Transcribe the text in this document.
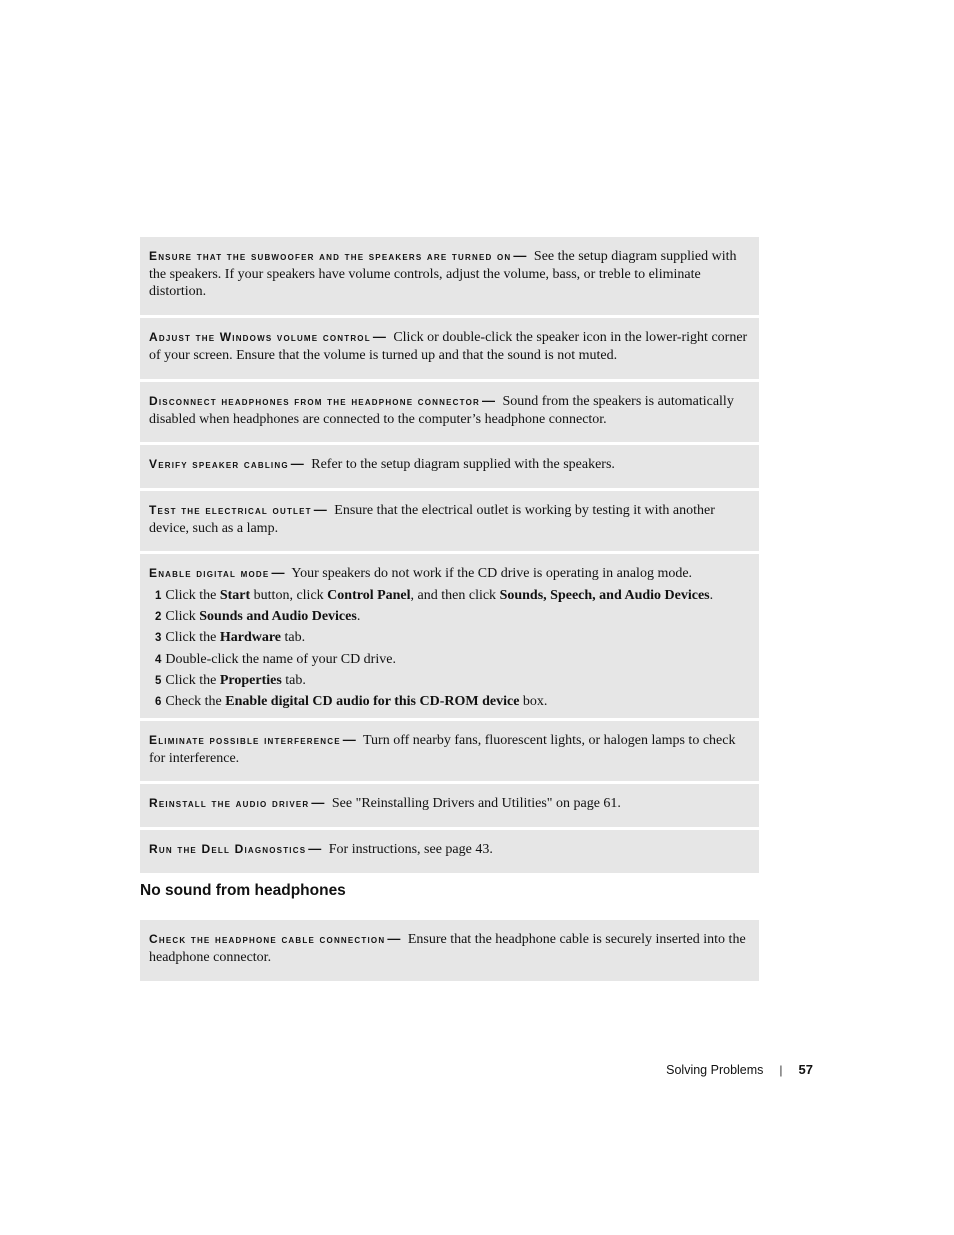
Ensure that the subwoofer and the speakers are turned on — See the setup diagram supplied with the speakers. If your speakers have volume controls, adjust the volume, bass, or treble to eliminate distortion.
Adjust the Windows volume control — Click or double-click the speaker icon in the lower-right corner of your screen. Ensure that the volume is turned up and that the sound is not muted.
Disconnect headphones from the headphone connector — Sound from the speakers is automatically disabled when headphones are connected to the computer’s headphone connector.
Verify speaker cabling — Refer to the setup diagram supplied with the speakers.
Test the electrical outlet — Ensure that the electrical outlet is working by testing it with another device, such as a lamp.
Enable digital mode — Your speakers do not work if the CD drive is operating in analog mode.
1 Click the Start button, click Control Panel, and then click Sounds, Speech, and Audio Devices.
2 Click Sounds and Audio Devices.
3 Click the Hardware tab.
4 Double-click the name of your CD drive.
5 Click the Properties tab.
6 Check the Enable digital CD audio for this CD-ROM device box.
Eliminate possible interference — Turn off nearby fans, fluorescent lights, or halogen lamps to check for interference.
Reinstall the audio driver — See "Reinstalling Drivers and Utilities" on page 61.
Run the Dell Diagnostics — For instructions, see page 43.
No sound from headphones
Check the headphone cable connection — Ensure that the headphone cable is securely inserted into the headphone connector.
Solving Problems | 57
